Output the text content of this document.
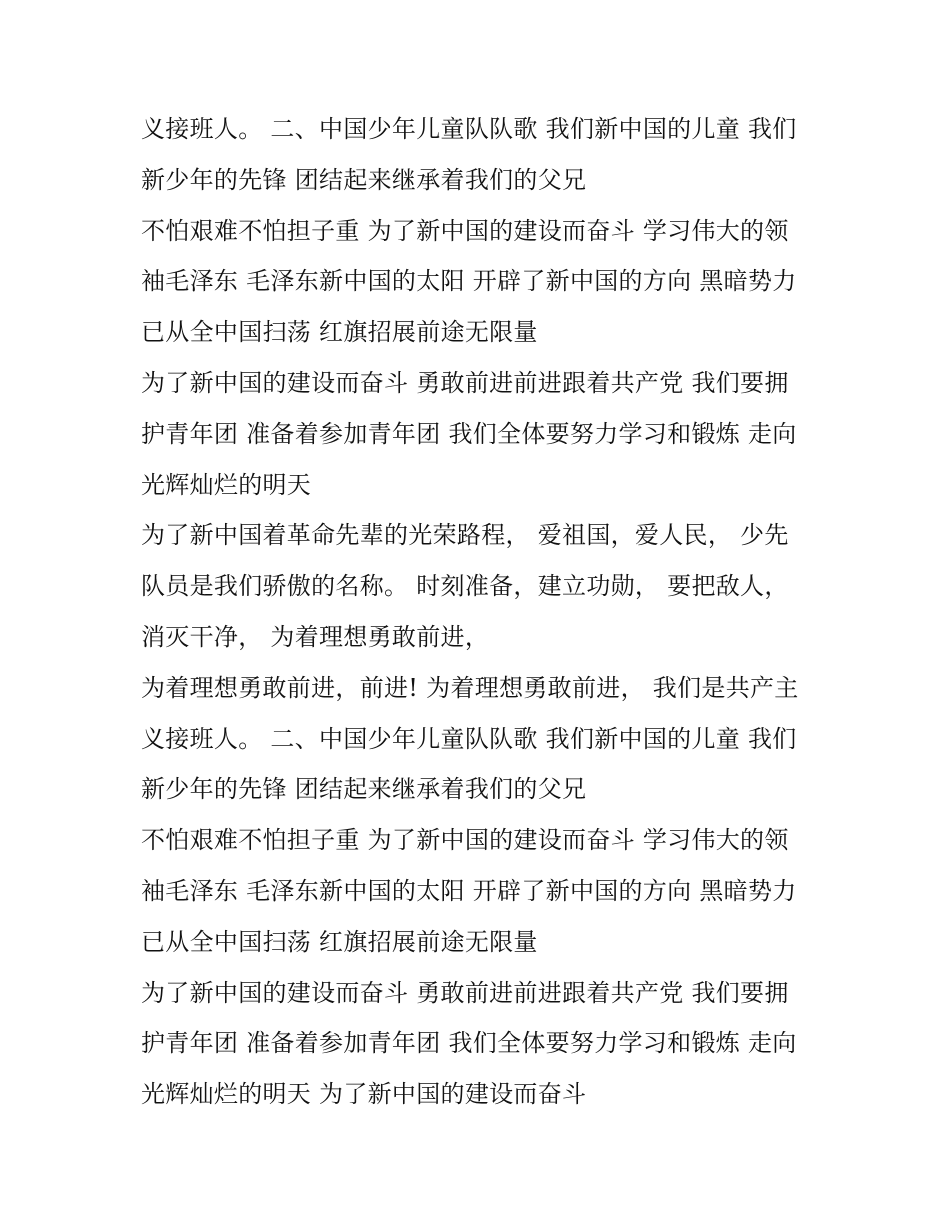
义接班人。 二、中国少年儿童队队歌 我们新中国的儿童 我们
新少年的先锋 团结起来继承着我们的父兄
不怕艰难不怕担子重 为了新中国的建设而奋斗 学习伟大的领
袖毛泽东 毛泽东新中国的太阳 开辟了新中国的方向 黑暗势力
已从全中国扫荡 红旗招展前途无限量
为了新中国的建设而奋斗 勇敢前进前进跟着共产党 我们要拥
护青年团 准备着参加青年团 我们全体要努力学习和锻炼 走向
光辉灿烂的明天
为了新中国着革命先辈的光荣路程， 爱祖国，爱人民， 少先
队员是我们骄傲的名称。 时刻准备，建立功勋， 要把敌人，
消灭干净， 为着理想勇敢前进，
为着理想勇敢前进，前进! 为着理想勇敢前进， 我们是共产主
义接班人。 二、中国少年儿童队队歌 我们新中国的儿童 我们
新少年的先锋 团结起来继承着我们的父兄
不怕艰难不怕担子重 为了新中国的建设而奋斗 学习伟大的领
袖毛泽东 毛泽东新中国的太阳 开辟了新中国的方向 黑暗势力
已从全中国扫荡 红旗招展前途无限量
为了新中国的建设而奋斗 勇敢前进前进跟着共产党 我们要拥
护青年团 准备着参加青年团 我们全体要努力学习和锻炼 走向
光辉灿烂的明天 为了新中国的建设而奋斗
